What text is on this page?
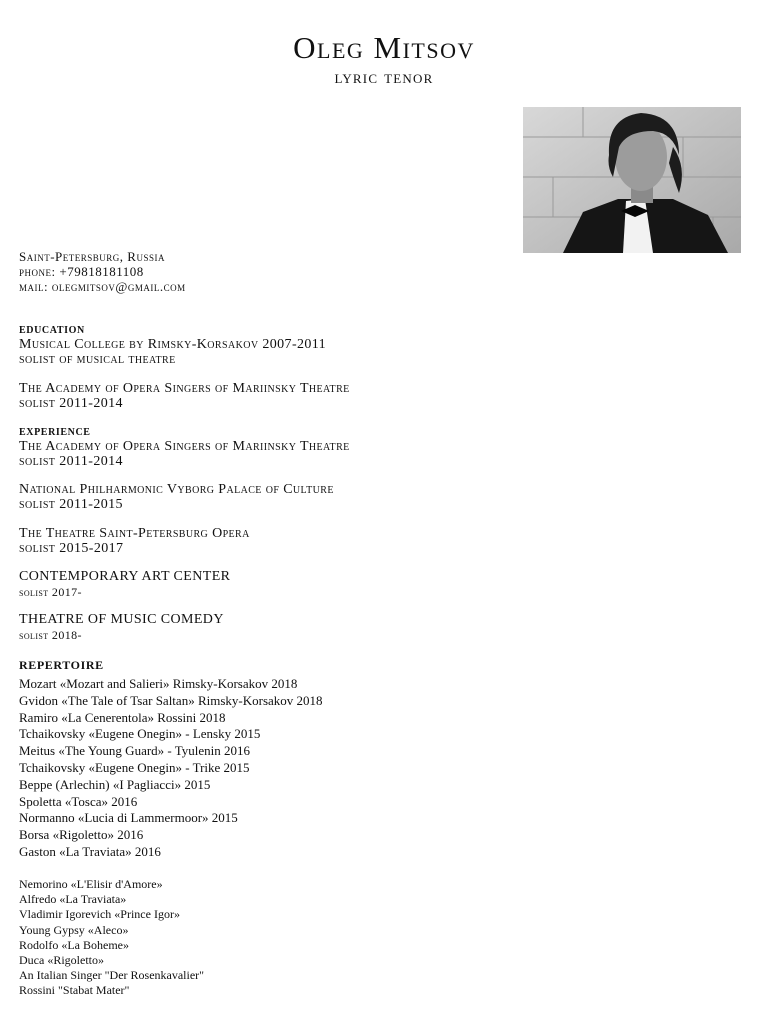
Oleg Mitsov
lyric tenor
Saint-Petersburg, Russia
phone: +79818181108
mail: olegmitsov@gmail.com
education
Musical College by Rimsky-Korsakov 2007-2011
solist of musical theatre
The Academy of Opera Singers of Mariinsky Theatre
solist 2011-2014
experience
The Academy of Opera Singers of Mariinsky Theatre
solist 2011-2014
National Philharmonic Vyborg Palace of Culture
solist 2011-2015
The Theatre Saint-Petersburg Opera
solist 2015-2017
CONTEMPORARY ART CENTER
solist 2017-
THEATRE OF MUSIC COMEDY
solist 2018-
repertoire
Mozart «Mozart and Salieri» Rimsky-Korsakov 2018
Gvidon «The Tale of Tsar Saltan» Rimsky-Korsakov 2018
Ramiro «La Cenerentola» Rossini 2018
Tchaikovsky «Eugene Onegin» - Lensky 2015
Meitus «The Young Guard» - Tyulenin 2016
Tchaikovsky «Eugene Onegin» - Trike 2015
Beppe (Arlechin) «I Pagliacci» 2015
Spoletta «Tosca» 2016
Normanno «Lucia di Lammermoor» 2015
Borsa «Rigoletto» 2016
Gaston «La Traviata» 2016
Nemorino «L'Elisir d'Amore»
Alfredo «La Traviata»
Vladimir Igorevich «Prince Igor»
Young Gypsy «Aleco»
Rodolfo «La Boheme»
Duca «Rigoletto»
An Italian Singer "Der Rosenkavalier"
Rossini "Stabat Mater"
